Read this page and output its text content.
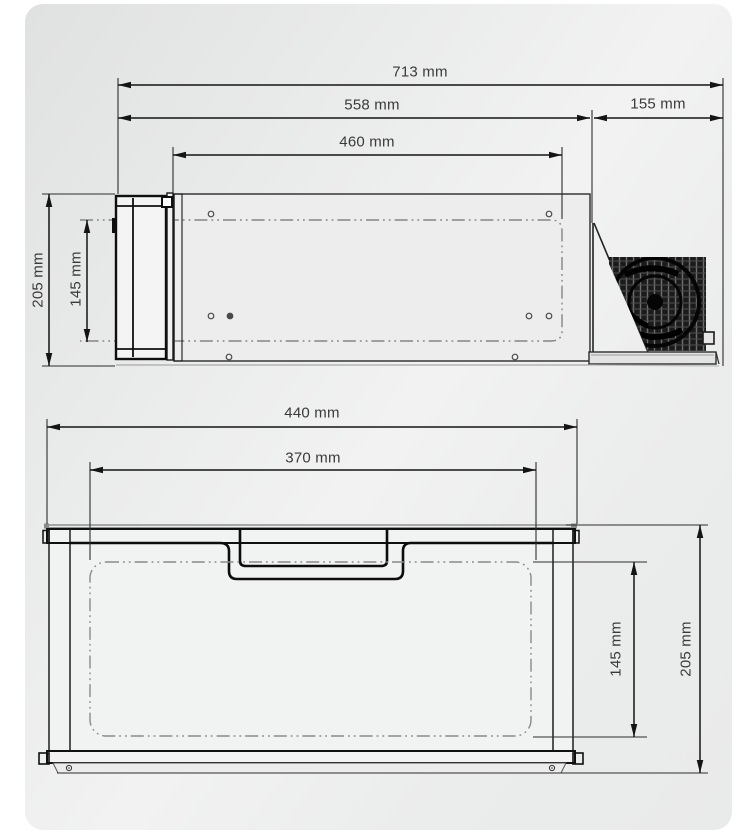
713 mm
558 mm	155 mm
460 mm
205 mm 145 mm
440 mm
370 mm
145 mm	205 mm
